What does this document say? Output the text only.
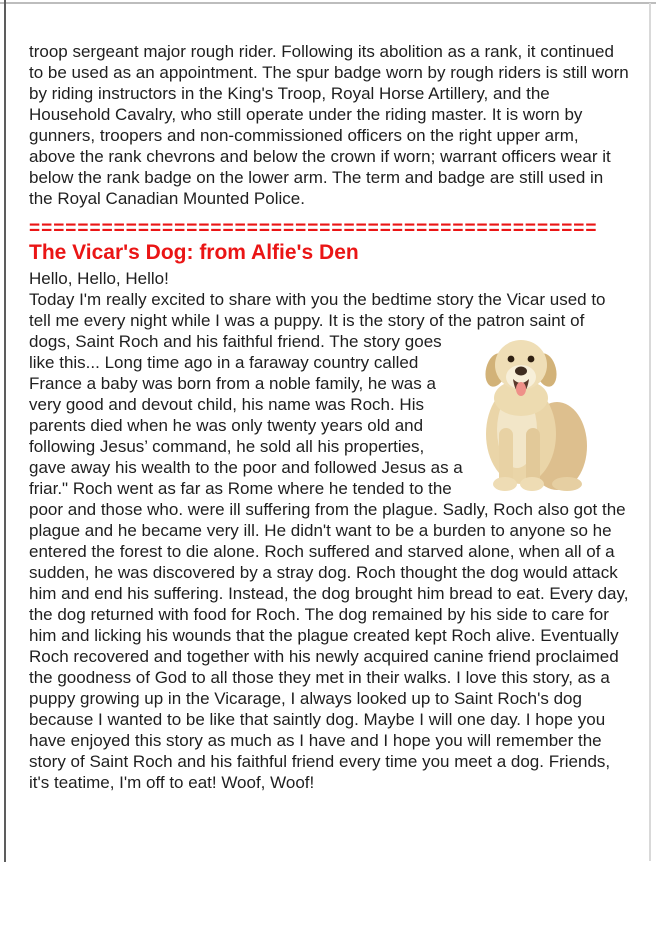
troop sergeant major rough rider. Following its abolition as a rank, it continued to be used as an appointment. The spur badge worn by rough riders is still worn by riding instructors in the King's Troop, Royal Horse Artillery, and the Household Cavalry, who still operate under the riding master. It is worn by gunners, troopers and non-commissioned officers on the right upper arm, above the rank chevrons and below the crown if worn; warrant officers wear it below the rank badge on the lower arm. The term and badge are still used in the Royal Canadian Mounted Police.

===============================================
The Vicar's Dog: from Alfie's Den

Hello, Hello, Hello!

Today I'm really excited to share with you the bedtime story the Vicar used to tell me every night while I was a puppy. It is the story of the
patron saint of dogs, Saint Roch and his faithful friend. The story goes like this... Long time ago in a faraway country called France a baby was born from a noble family, he was a very good and devout child, his name was Roch. His parents died when he was only twenty years old and following Jesus’ command, he sold all his properties, gave away his wealth to the poor and followed Jesus as a friar." Roch went as far as Rome where he tended to the poor and those who. were ill suffering from the plague. Sadly, Roch also got the plague and he became very ill. He didn't want to be a burden to anyone so he entered the forest to die alone. Roch suffered and starved alone, when all of a sudden, he was discovered by a stray dog. Roch thought the dog would attack him and end his suffering. Instead, the dog brought him bread to eat. Every day, the dog returned with food for Roch. The dog remained by his side to care for him and licking his wounds that the plague created kept Roch alive. Eventually Roch recovered and together with his newly acquired canine friend proclaimed the goodness of God to all those they met in their walks. I love this story, as a puppy growing up in the Vicarage, I always looked up to Saint Roch's dog because I wanted to be like that saintly dog. Maybe I will one day. I hope you have enjoyed this story as much as I have and I hope you will remember the story of Saint Roch and his faithful friend every time you meet a dog. Friends, it's teatime, I'm off to eat! Woof, Woof!
